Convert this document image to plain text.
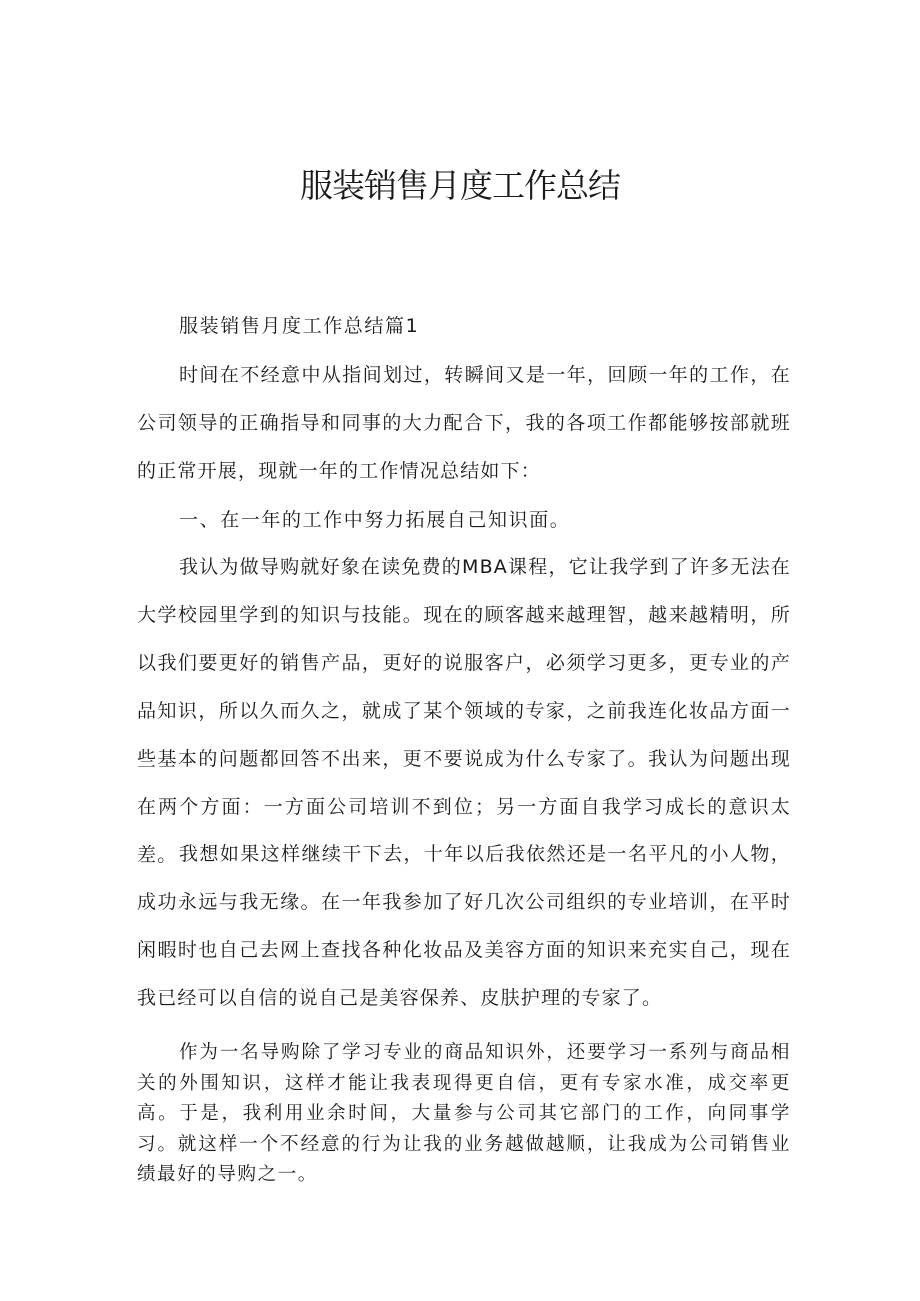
服装销售月度工作总结

服装销售月度工作总结篇1

时间在不经意中从指间划过，转瞬间又是一年，回顾一年的工作，在公司领导的正确指导和同事的大力配合下，我的各项工作都能够按部就班的正常开展，现就一年的工作情况总结如下：

一、在一年的工作中努力拓展自己知识面。

我认为做导购就好象在读免费的MBA课程，它让我学到了许多无法在大学校园里学到的知识与技能。现在的顾客越来越理智，越来越精明，所以我们要更好的销售产品，更好的说服客户，必须学习更多，更专业的产品知识，所以久而久之，就成了某个领域的专家，之前我连化妆品方面一些基本的问题都回答不出来，更不要说成为什么专家了。我认为问题出现在两个方面：一方面公司培训不到位；另一方面自我学习成长的意识太差。 我想如果这样继续干下去，十年以后我依然还是一名平凡的小人物，成功永远与我无缘。在一年我参加了好几次公司组织的专业培训，在平时闲暇时也自己去网上查找各种化妆品及美容方面的知识来充实自己，现在我已经可以自信的说自己是美容保养、皮肤护理的专家了。

作为一名导购除了学习专业的商品知识外，还要学习一系列与商品相关的外围知识，这样才能让我表现得更自信，更有专家水准，成交率更高。于是，我利用业余时间，大量参与公司其它部门的工作，向同事学习。就这样一个不经意的行为让我的业务越做越顺，让我成为公司销售业绩最好的导购之一。
